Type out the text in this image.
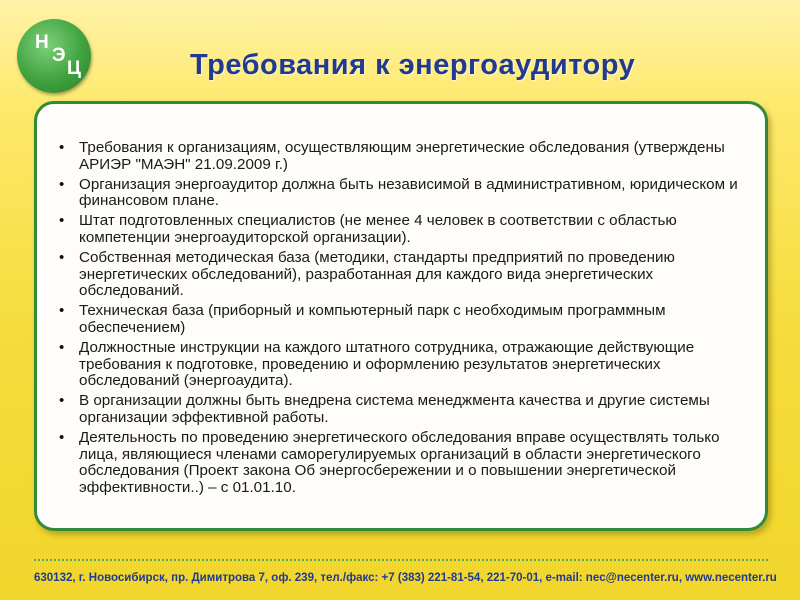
Н
Э
Ц	Требования к энергоаудитору
• Требования к организациям, осуществляющим энергетические обследования (утверждены АРИЭР "МАЭН" 21.09.2009 г.)
• Организация энергоаудитор должна быть независимой в административном, юридическом и финансовом плане.
• Штат подготовленных специалистов (не менее 4 человек в соответствии с областью компетенции энергоаудиторской организации).
• Собственная методическая база (методики, стандарты предприятий по проведению энергетических обследований), разработанная для каждого вида энергетических обследований.
• Техническая база (приборный и компьютерный парк с необходимым программным обеспечением)
• Должностные инструкции на каждого штатного сотрудника, отражающие действующие требования к подготовке, проведению и оформлению результатов энергетических обследований (энергоаудита).
• В организации должны быть внедрена система менеджмента качества и другие системы организации эффективной работы.
• Деятельность по проведению энергетического обследования вправе осуществлять только лица, являющиеся членами саморегулируемых организаций в области энергетического обследования (Проект закона Об энергосбережении и о повышении энергетической эффективности..) – с 01.01.10.
630132, г. Новосибирск, пр. Димитрова 7, оф. 239, тел./факс: +7 (383) 221-81-54, 221-70-01, e-mail: nec@necenter.ru, www.necenter.ru
